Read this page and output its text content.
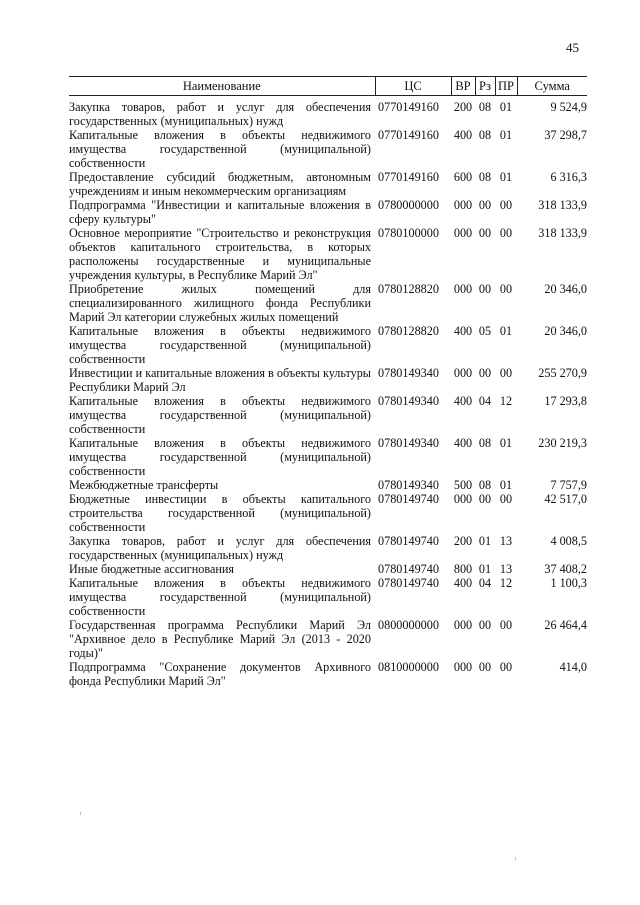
45
Наименование	ЦС	ВР	Рз	ПР	Сумма
Закупка товаров, работ и услуг для обеспечения государственных (муниципальных) нужд	0770149160	200	08	01	9 524,9
Капитальные вложения в объекты недвижимого имущества государственной (муниципальной) собственности	0770149160	400	08	01	37 298,7
Предоставление субсидий бюджетным, автономным учреждениям и иным некоммерческим организациям	0770149160	600	08	01	6 316,3
Подпрограмма "Инвестиции и капитальные вложения в сферу культуры"	0780000000	000	00	00	318 133,9
Основное мероприятие "Строительство и реконструкция объектов капитального строительства, в которых расположены государственные и муниципальные учреждения культуры, в Республике Марий Эл"	0780100000	000	00	00	318 133,9
Приобретение жилых помещений для специализированного жилищного фонда Республики Марий Эл категории служебных жилых помещений	0780128820	000	00	00	20 346,0
Капитальные вложения в объекты недвижимого имущества государственной (муниципальной) собственности	0780128820	400	05	01	20 346,0
Инвестиции и капитальные вложения в объекты культуры Республики Марий Эл	0780149340	000	00	00	255 270,9
Капитальные вложения в объекты недвижимого имущества государственной (муниципальной) собственности	0780149340	400	04	12	17 293,8
Капитальные вложения в объекты недвижимого имущества государственной (муниципальной) собственности	0780149340	400	08	01	230 219,3
Межбюджетные трансферты	0780149340	500	08	01	7 757,9
Бюджетные инвестиции в объекты капитального строительства государственной (муниципальной) собственности	0780149740	000	00	00	42 517,0
Закупка товаров, работ и услуг для обеспечения государственных (муниципальных) нужд	0780149740	200	01	13	4 008,5
Иные бюджетные ассигнования	0780149740	800	01	13	37 408,2
Капитальные вложения в объекты недвижимого имущества государственной (муниципальной) собственности	0780149740	400	04	12	1 100,3
Государственная программа Республики Марий Эл "Архивное дело в Республике Марий Эл (2013 - 2020 годы)"	0800000000	000	00	00	26 464,4
Подпрограмма "Сохранение документов Архивного фонда Республики Марий Эл"	0810000000	000	00	00	414,0
